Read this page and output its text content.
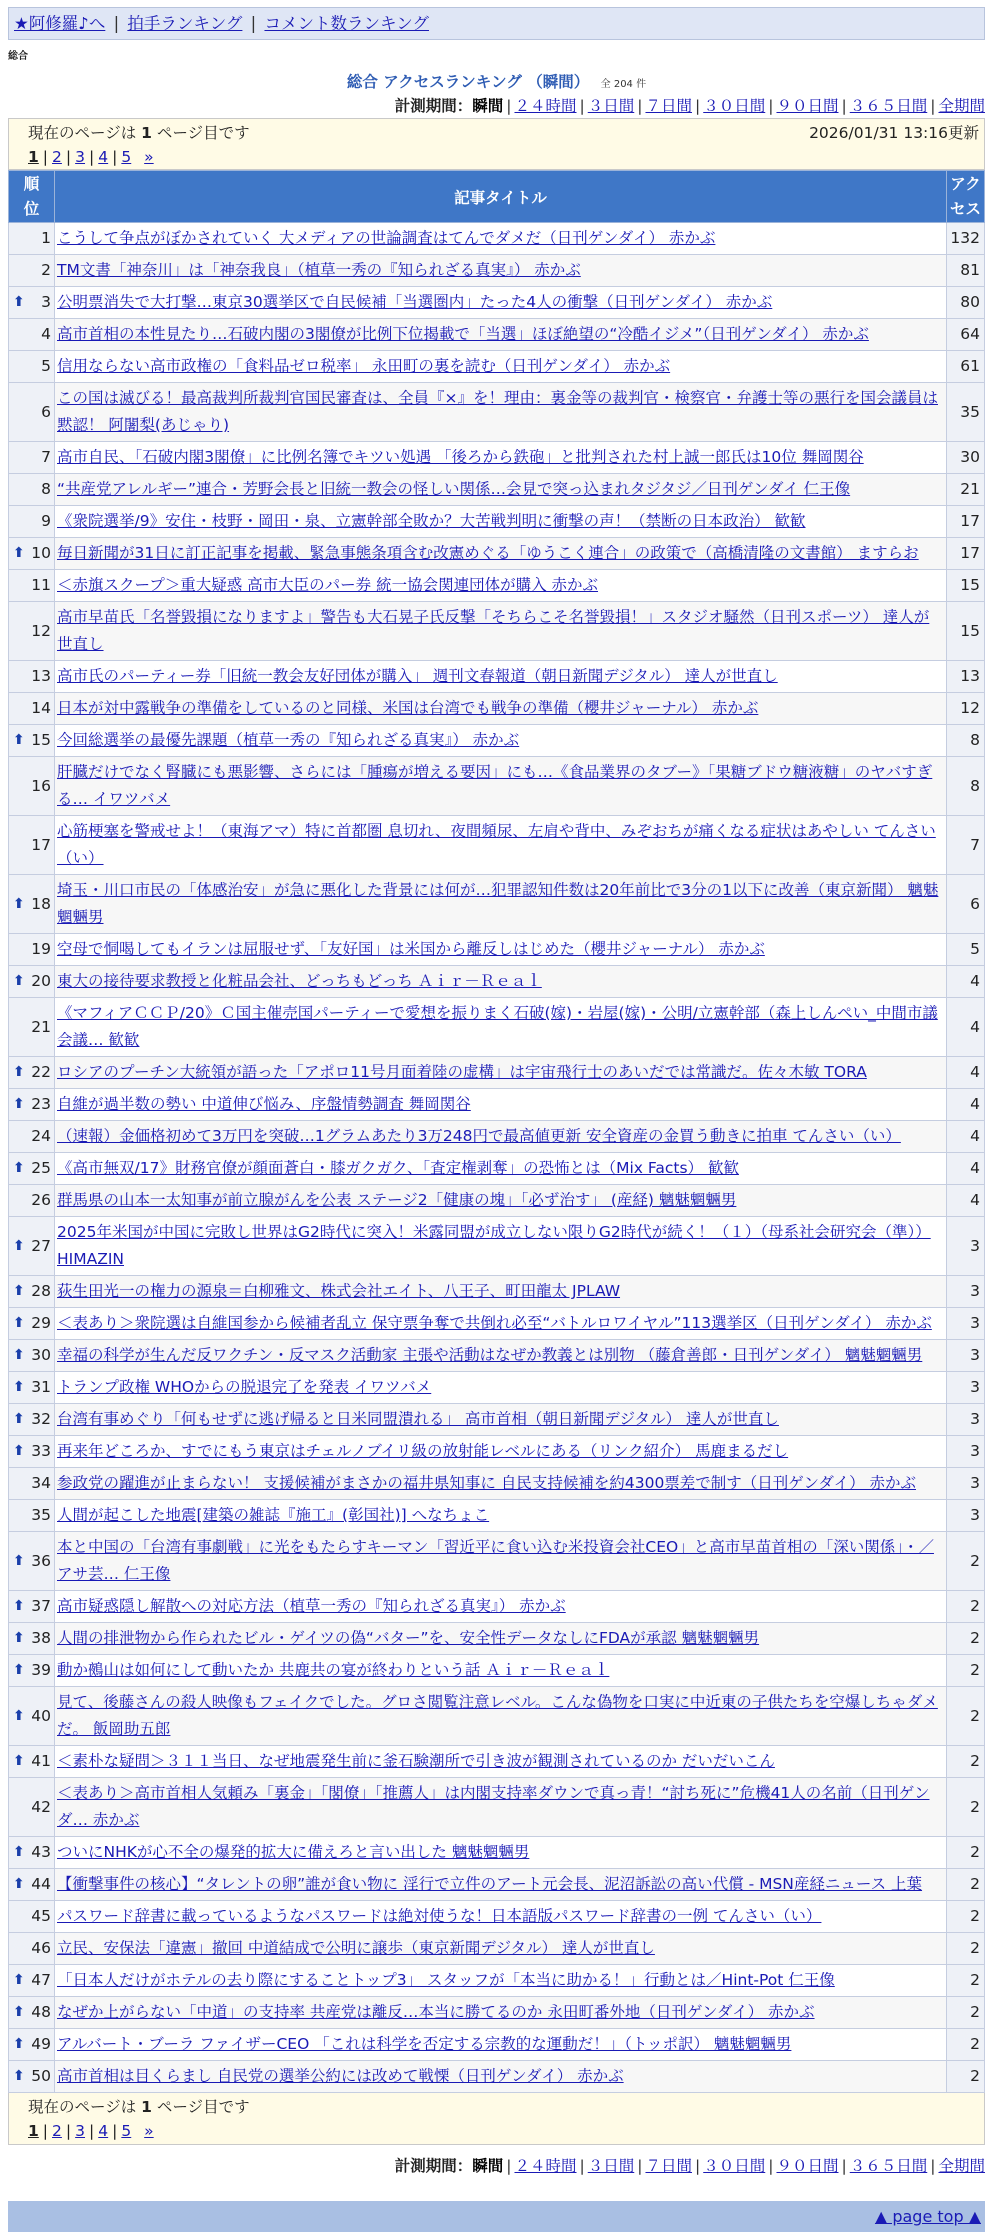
★阿修羅♪へ | 拍手ランキング | コメント数ランキング
総合
総合 アクセスランキング （瞬間） 全 204 件
計測期間：瞬間 | ２４時間 | ３日間 | ７日間 | ３０日間 | ９０日間 | ３６５日間 | 全期間
現在のページは 1 ページ目です	2026/01/31 13:16更新
1 | 2 | 3 | 4 | 5 »
順
位	記事タイトル	アク
セス
1	こうして争点がぼかされていく 大メディアの世論調査はてんでダメだ（日刊ゲンダイ） 赤かぶ	132
2	TM文書「神奈川」は「神奈我良」（植草一秀の『知られざる真実』） 赤かぶ	81

⬆ 3	公明票消失で大打撃…東京30選挙区で自民候補「当選圏内」たった4人の衝撃（日刊ゲンダイ） 赤かぶ	80
4	高市首相の本性見たり…石破内閣の3閣僚が比例下位揭載で「当選」ほぼ絶望の“冷酷イジメ”（日刊ゲンダイ） 赤かぶ	64
5	信用ならない高市政権の「食料品ゼロ税率」 永田町の裏を読む（日刊ゲンダイ） 赤かぶ	61
6	この国は滅びる！最高裁判所裁判官国民審査は、全員『×』を！理由：裏金等の裁判官・検察官・弁護士等の悪行を国会議員は黙認！ 阿闍梨(あじゃり)	35
7	高市自民、「石破内閣3閣僚」に比例名簿でキツい処遇 「後ろから鉄砲」と批判された村上誠一郎氏は10位 舞岡関谷	30
8	“共産党アレルギー”連合・芳野会長と旧統一教会の怪しい関係…会見で突っ込まれタジタジ／日刊ゲンダイ 仁王像	21
9	《衆院選挙/9》安住・枝野・岡田・泉、立憲幹部全敗か？大苦戦判明に衝撃の声！（禁断の日本政治） 歓歓	17

⬆ 10	毎日新聞が31日に訂正記事を掲載、緊急事態条項含む改憲めぐる「ゆうこく連合」の政策で（高橋清隆の文書館） ますらお	17
11	＜赤旗スクープ＞重大疑惑 高市大臣のパー券 統一協会関連団体が購入 赤かぶ	15
12	高市早苗氏「名誉毀損になりますよ」警告も大石晃子氏反撃「そちらこそ名誉毀損！」スタジオ騒然（日刊スポーツ） 達人が世直し	15
13	高市氏のパーティー券「旧統一教会友好団体が購入」 週刊文春報道（朝日新聞デジタル） 達人が世直し	13
14	日本が対中露戦争の準備をしているのと同様、米国は台湾でも戦争の準備（櫻井ジャーナル） 赤かぶ	12

⬆ 15	今回総選挙の最優先課題（植草一秀の『知られざる真実』） 赤かぶ	8
16	肝臓だけでなく腎臓にも悪影響、さらには「腫瘍が増える要因」にも…《食品業界のタブー》「果糖ブドウ糖液糖」のヤバすぎる… イワツバメ	8
17	心筋梗塞を警戒せよ！（東海アマ）特に首都圏 息切れ、夜間頻尿、左肩や背中、みぞおちが痛くなる症状はあやしい てんさい（い）	7

⬆ 18	埼玉・川口市民の「体感治安」が急に悪化した背景には何が…犯罪認知件数は20年前比で3分の1以下に改善（東京新聞） 魑魅魍魎男	6
19	空母で恫喝してもイランは屈服せず、「友好国」は米国から離反しはじめた（櫻井ジャーナル） 赤かぶ	5

⬆ 20	東大の接待要求教授と化粧品会社、どっちもどっち Ａｉｒ－Ｒｅａｌ	4
21	《マフィアＣＣＰ/20》Ｃ国主催売国パーティーで愛想を振りまく石破(嫁)・岩屋(嫁)・公明/立憲幹部（森上しんぺい_中間市議会議… 歓歓	4

⬆ 22	ロシアのプーチン大統領が語った「アポロ11号月面着陸の虚構」は宇宙飛行士のあいだでは常識だ。佐々木敏 TORA	4

⬆ 23	自維が過半数の勢い 中道伸び悩み、序盤情勢調査 舞岡関谷	4
24	（速報）金価格初めて3万円を突破…1グラムあたり3万248円で最高値更新 安全資産の金買う動きに拍車 てんさい（い）	4

⬆ 25	《高市無双/17》財務官僚が顔面蒼白・膝ガクガク、「査定権剥奪」の恐怖とは（Mix Facts） 歓歓	4
26	群馬県の山本一太知事が前立腺がんを公表 ステージ2「健康の塊」「必ず治す」 (産経) 魑魅魍魎男	4

⬆ 27	2025年米国が中国に完敗し世界はG2時代に突入！米露同盟が成立しない限りG2時代が続く！（１）（母系社会研究会（準）） HIMAZIN	3

⬆ 28	荻生田光一の権力の源泉＝白柳雅文、株式会社エイト、八王子、町田龍太 JPLAW	3

⬆ 29	＜表あり＞衆院選は自維国参から候補者乱立 保守票争奪で共倒れ必至“バトルロワイヤル”113選挙区（日刊ゲンダイ） 赤かぶ	3

⬆ 30	幸福の科学が生んだ反ワクチン・反マスク活動家 主張や活動はなぜか教義とは別物 （藤倉善郎・日刊ゲンダイ） 魑魅魍魎男	3

⬆ 31	トランプ政権 WHOからの脱退完了を発表 イワツバメ	3

⬆ 32	台湾有事めぐり「何もせずに逃げ帰ると日米同盟潰れる」 高市首相（朝日新聞デジタル） 達人が世直し	3

⬆ 33	再来年どころか、すでにもう東京はチェルノブイリ級の放射能レベルにある（リンク紹介） 馬鹿まるだし	3
34	参政党の躍進が止まらない！ 支援候補がまさかの福井県知事に 自民支持候補を約4300票差で制す（日刊ゲンダイ） 赤かぶ	3
35	人間が起こした地震[建築の雑誌『施工』(彰国社)] へなちょこ	3

⬆ 36	本と中国の「台湾有事劇戦」に光をもたらすキーマン「習近平に食い込む米投資会社CEO」と高市早苗首相の「深い関係」・／アサ芸… 仁王像	2

⬆ 37	高市疑惑隠し解散への対応方法（植草一秀の『知られざる真実』） 赤かぶ	2

⬆ 38	人間の排泄物から作られたビル・ゲイツの偽“バター”を、安全性データなしにFDAが承認 魑魅魍魎男	2

⬆ 39	動か鵺山は如何にして動いたか 共鹿共の宴が終わりという話 Ａｉｒ－Ｒｅａｌ	2

⬆ 40	見て、後藤さんの殺人映像もフェイクでした。グロさ閲覧注意レベル。こんな偽物を口実に中近東の子供たちを空爆しちゃダメだ。 飯岡助五郎	2

⬆ 41	＜素朴な疑問＞３１１当日、なぜ地震発生前に釜石験潮所で引き波が観測されているのか だいだいこん	2
42	＜表あり＞高市首相人気頼み「裏金」「閣僚」「推薦人」は内閣支持率ダウンで真っ青！“討ち死に”危機41人の名前（日刊ゲンダ… 赤かぶ	2

⬆ 43	ついにNHKが心不全の爆発的拡大に備えろと言い出した 魑魅魍魎男	2

⬆ 44	【衝撃事件の核心】“タレントの卵”誰が食い物に 淫行で立件のアート元会長、泥沼訴訟の高い代償 - MSN産経ニュース 上葉	2
45	パスワード辞書に載っているようなパスワードは絶対使うな！日本語版パスワード辞書の一例 てんさい（い）	2
46	立民、安保法「違憲」撤回 中道結成で公明に譲歩（東京新聞デジタル） 達人が世直し	2

⬆ 47	「日本人だけがホテルの去り際にすることトップ3」 スタッフが「本当に助かる！」行動とは／Hint-Pot 仁王像	2

⬆ 48	なぜか上がらない「中道」の支持率 共産党は離反…本当に勝てるのか 永田町番外地（日刊ゲンダイ） 赤かぶ	2

⬆ 49	アルバート・ブーラ ファイザーCEO 「これは科学を否定する宗教的な運動だ！」（トッポ訳） 魑魅魍魎男	2

⬆ 50	高市首相は目くらまし 自民党の選挙公約には改めて戦慄（日刊ゲンダイ） 赤かぶ	2
現在のページは 1 ページ目です
1 | 2 | 3 | 4 | 5 »
計測期間：瞬間 | ２４時間 | ３日間 | ７日間 | ３０日間 | ９０日間 | ３６５日間 | 全期間
▲ page top ▲
